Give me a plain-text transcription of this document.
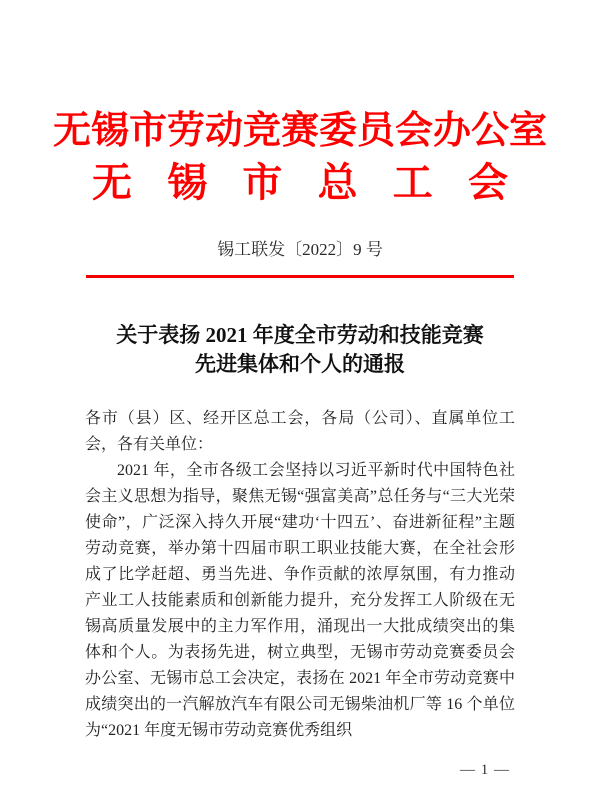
无锡市劳动竞赛委员会办公室
无 锡 市 总 工 会
锡工联发〔2022〕9 号
关于表扬 2021 年度全市劳动和技能竞赛
先进集体和个人的通报

各市（县）区、经开区总工会，各局（公司）、直属单位工会，各有关单位：

2021 年，全市各级工会坚持以习近平新时代中国特色社会主义思想为指导，聚焦无锡“强富美高”总任务与“三大光荣使命”，广泛深入持久开展“建功‘十四五’、奋进新征程”主题劳动竞赛，举办第十四届市职工职业技能大赛，在全社会形成了比学赶超、勇当先进、争作贡献的浓厚氛围，有力推动产业工人技能素质和创新能力提升，充分发挥工人阶级在无锡高质量发展中的主力军作用，涌现出一大批成绩突出的集体和个人。为表扬先进，树立典型，无锡市劳动竞赛委员会办公室、无锡市总工会决定，表扬在 2021 年全市劳动竞赛中成绩突出的一汽解放汽车有限公司无锡柴油机厂等 16 个单位为“2021 年度无锡市劳动竞赛优秀组织

— 1 —
